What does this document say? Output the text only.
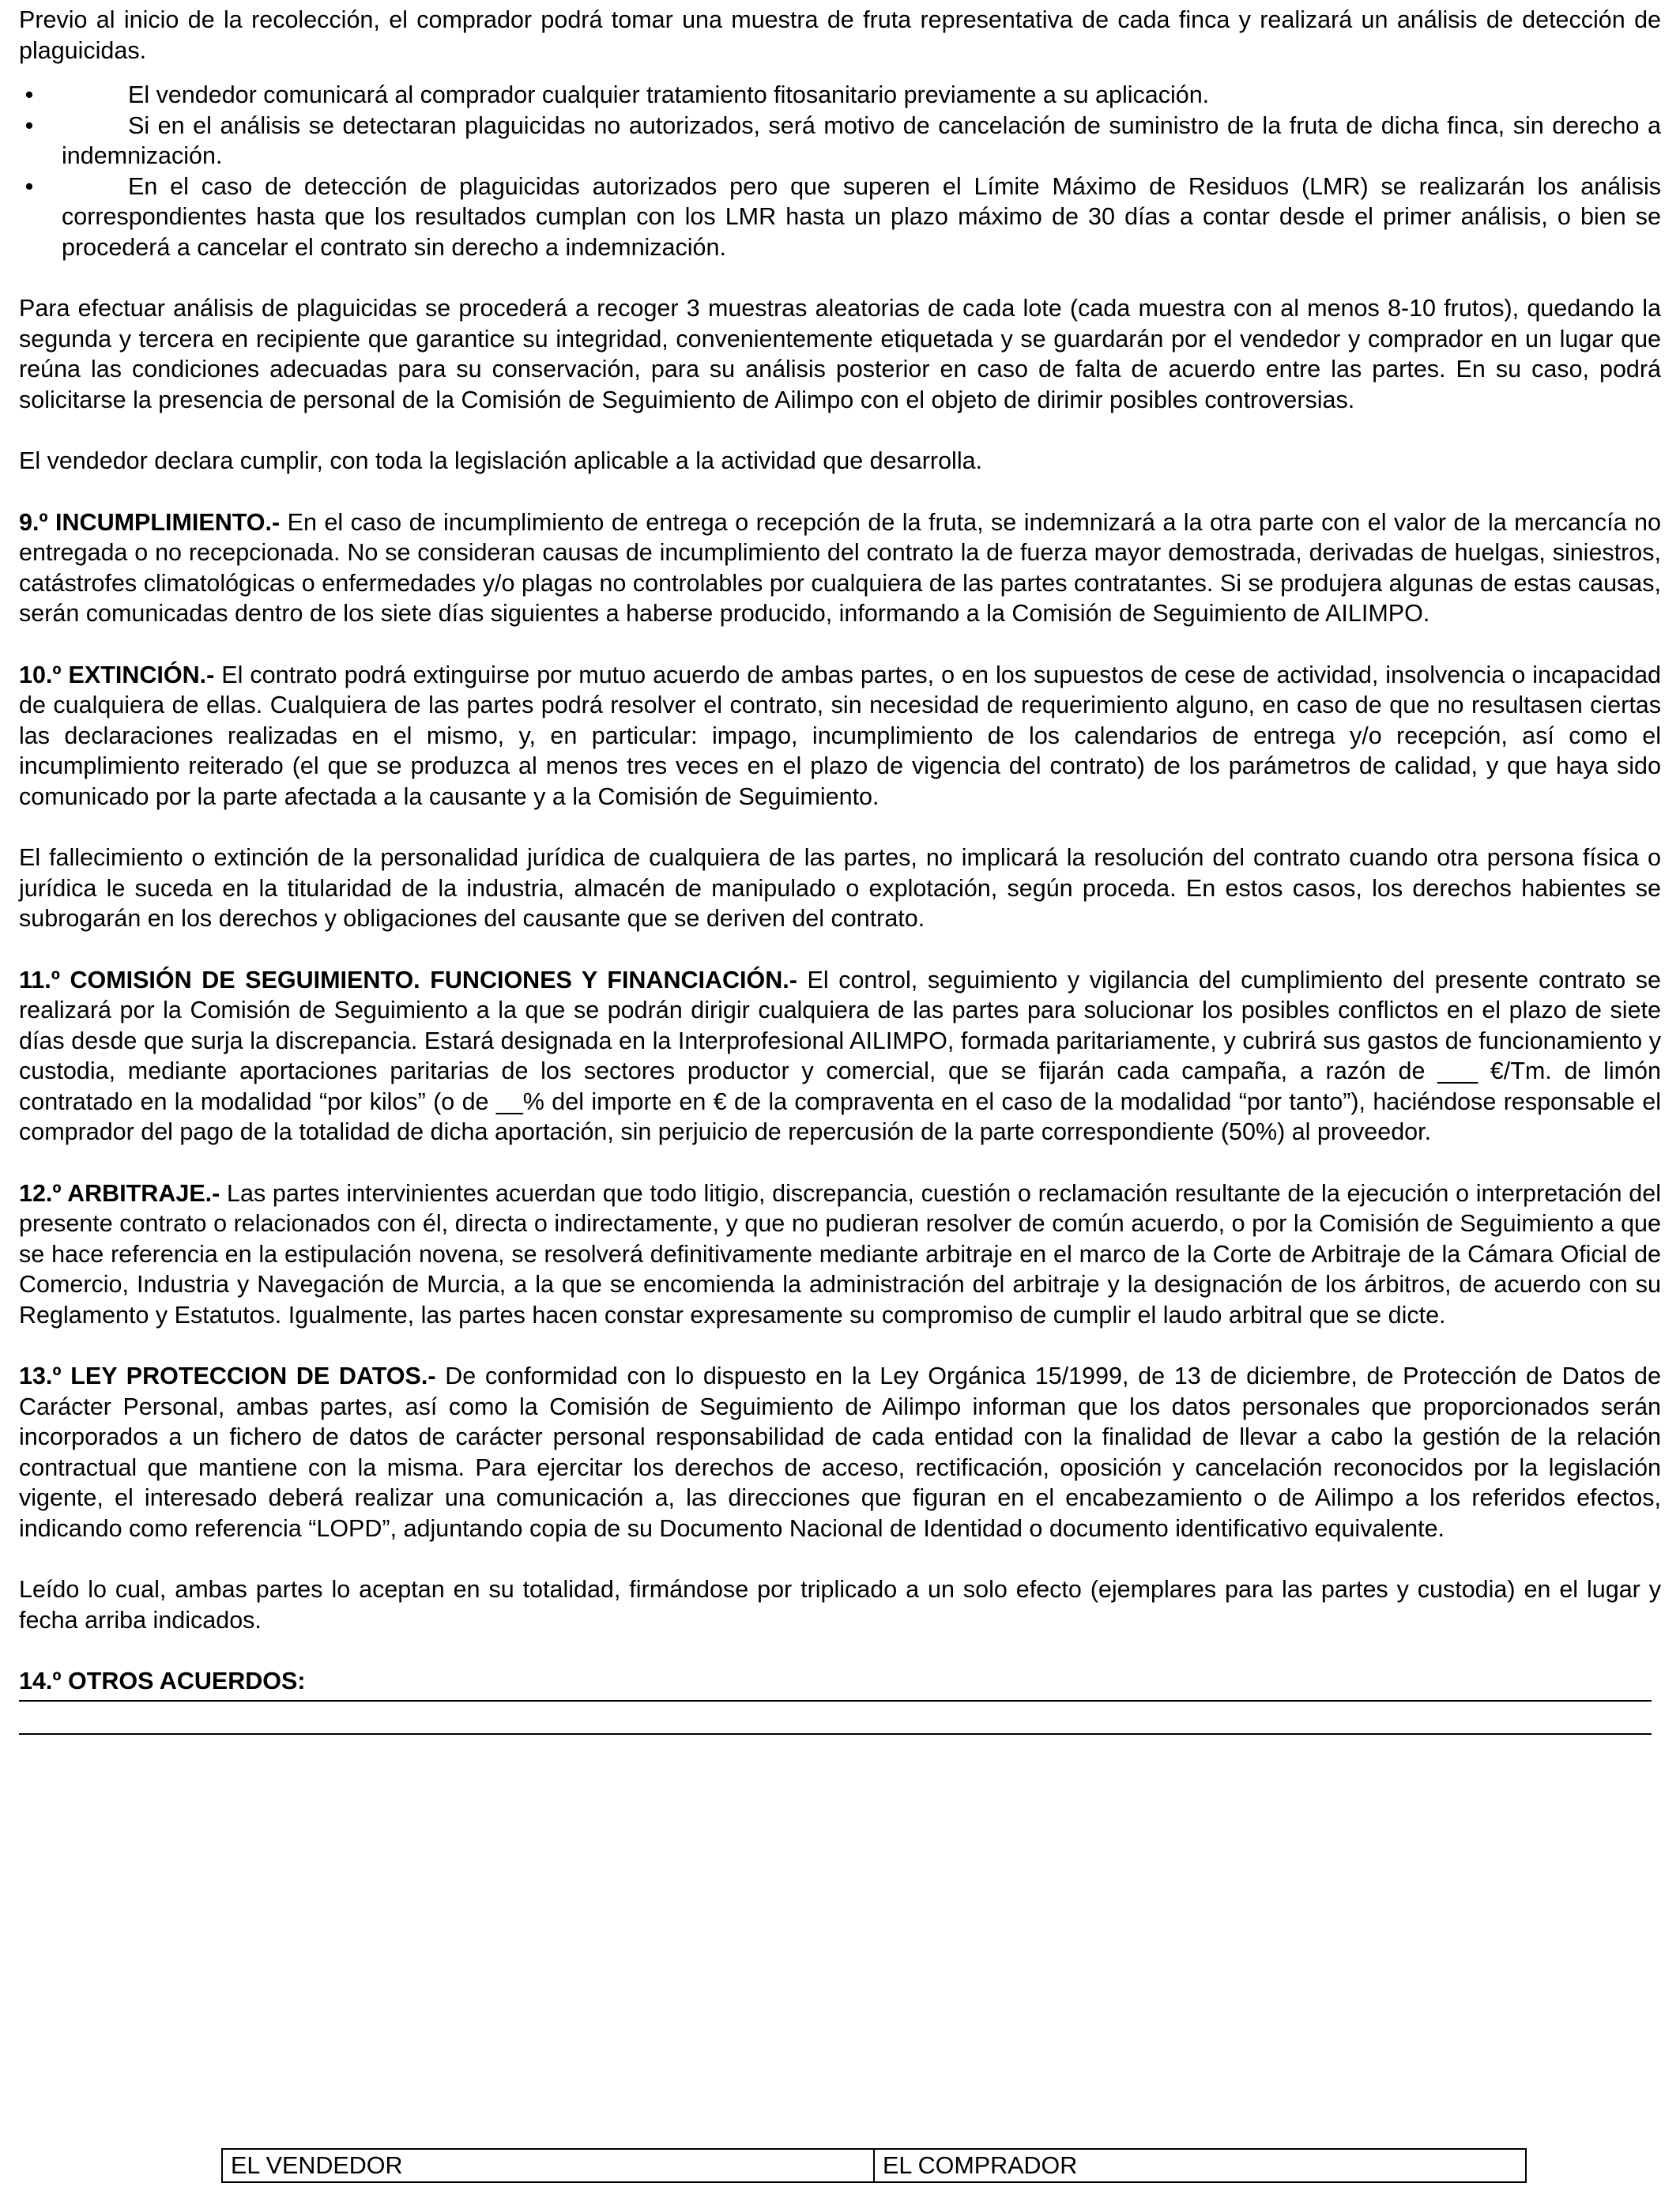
Previo al inicio de la recolección, el comprador podrá tomar una muestra de fruta representativa de cada finca y realizará un análisis de detección de plaguicidas.

•	El vendedor comunicará al comprador cualquier tratamiento fitosanitario previamente a su aplicación.
•	Si en el análisis se detectaran plaguicidas no autorizados, será motivo de cancelación de suministro de la fruta de dicha finca, sin derecho a indemnización.
•	En el caso de detección de plaguicidas autorizados pero que superen el Límite Máximo de Residuos (LMR) se realizarán los análisis correspondientes hasta que los resultados cumplan con los LMR hasta un plazo máximo de 30 días a contar desde el primer análisis, o bien se procederá a cancelar el contrato sin derecho a indemnización.

Para efectuar análisis de plaguicidas se procederá a recoger 3 muestras aleatorias de cada lote (cada muestra con al menos 8-10 frutos), quedando la segunda y tercera en recipiente que garantice su integridad, convenientemente etiquetada y se guardarán por el vendedor y comprador en un lugar que reúna las condiciones adecuadas para su conservación, para su análisis posterior en caso de falta de acuerdo entre las partes. En su caso, podrá solicitarse la presencia de personal de la Comisión de Seguimiento de Ailimpo con el objeto de dirimir posibles controversias.

El vendedor declara cumplir, con toda la legislación aplicable a la actividad que desarrolla.

9.º INCUMPLIMIENTO.- En el caso de incumplimiento de entrega o recepción de la fruta, se indemnizará a la otra parte con el valor de la mercancía no entregada o no recepcionada. No se consideran causas de incumplimiento del contrato la de fuerza mayor demostrada, derivadas de huelgas, siniestros, catástrofes climatológicas o enfermedades y/o plagas no controlables por cualquiera de las partes contratantes. Si se produjera algunas de estas causas, serán comunicadas dentro de los siete días siguientes a haberse producido, informando a la Comisión de Seguimiento de AILIMPO.

10.º EXTINCIÓN.- El contrato podrá extinguirse por mutuo acuerdo de ambas partes, o en los supuestos de cese de actividad, insolvencia o incapacidad de cualquiera de ellas. Cualquiera de las partes podrá resolver el contrato, sin necesidad de requerimiento alguno, en caso de que no resultasen ciertas las declaraciones realizadas en el mismo, y, en particular: impago, incumplimiento de los calendarios de entrega y/o recepción, así como el incumplimiento reiterado (el que se produzca al menos tres veces en el plazo de vigencia del contrato) de los parámetros de calidad, y que haya sido comunicado por la parte afectada a la causante y a la Comisión de Seguimiento.

El fallecimiento o extinción de la personalidad jurídica de cualquiera de las partes, no implicará la resolución del contrato cuando otra persona física o jurídica le suceda en la titularidad de la industria, almacén de manipulado o explotación, según proceda. En estos casos, los derechos habientes se subrogarán en los derechos y obligaciones del causante que se deriven del contrato.

11.º COMISIÓN DE SEGUIMIENTO. FUNCIONES Y FINANCIACIÓN.- El control, seguimiento y vigilancia del cumplimiento del presente contrato se realizará por la Comisión de Seguimiento a la que se podrán dirigir cualquiera de las partes para solucionar los posibles conflictos en el plazo de siete días desde que surja la discrepancia. Estará designada en la Interprofesional AILIMPO, formada paritariamente, y cubrirá sus gastos de funcionamiento y custodia, mediante aportaciones paritarias de los sectores productor y comercial, que se fijarán cada campaña, a razón de ___ €/Tm. de limón contratado en la modalidad “por kilos” (o de __% del importe en € de la compraventa en el caso de la modalidad “por tanto”), haciéndose responsable el comprador del pago de la totalidad de dicha aportación, sin perjuicio de repercusión de la parte correspondiente (50%) al proveedor.

12.º ARBITRAJE.- Las partes intervinientes acuerdan que todo litigio, discrepancia, cuestión o reclamación resultante de la ejecución o interpretación del presente contrato o relacionados con él, directa o indirectamente, y que no pudieran resolver de común acuerdo, o por la Comisión de Seguimiento a que se hace referencia en la estipulación novena, se resolverá definitivamente mediante arbitraje en el marco de la Corte de Arbitraje de la Cámara Oficial de Comercio, Industria y Navegación de Murcia, a la que se encomienda la administración del arbitraje y la designación de los árbitros, de acuerdo con su Reglamento y Estatutos. Igualmente, las partes hacen constar expresamente su compromiso de cumplir el laudo arbitral que se dicte.

13.º LEY PROTECCION DE DATOS.- De conformidad con lo dispuesto en la Ley Orgánica 15/1999, de 13 de diciembre, de Protección de Datos de Carácter Personal, ambas partes, así como la Comisión de Seguimiento de Ailimpo informan que los datos personales que proporcionados serán incorporados a un fichero de datos de carácter personal responsabilidad de cada entidad con la finalidad de llevar a cabo la gestión de la relación contractual que mantiene con la misma. Para ejercitar los derechos de acceso, rectificación, oposición y cancelación reconocidos por la legislación vigente, el interesado deberá realizar una comunicación a, las direcciones que figuran en el encabezamiento o de Ailimpo a los referidos efectos, indicando como referencia “LOPD”, adjuntando copia de su Documento Nacional de Identidad o documento identificativo equivalente.

Leído lo cual, ambas partes lo aceptan en su totalidad, firmándose por triplicado a un solo efecto (ejemplares para las partes y custodia) en el lugar y fecha arriba indicados.

14.º OTROS ACUERDOS:

EL VENDEDOR	EL COMPRADOR
